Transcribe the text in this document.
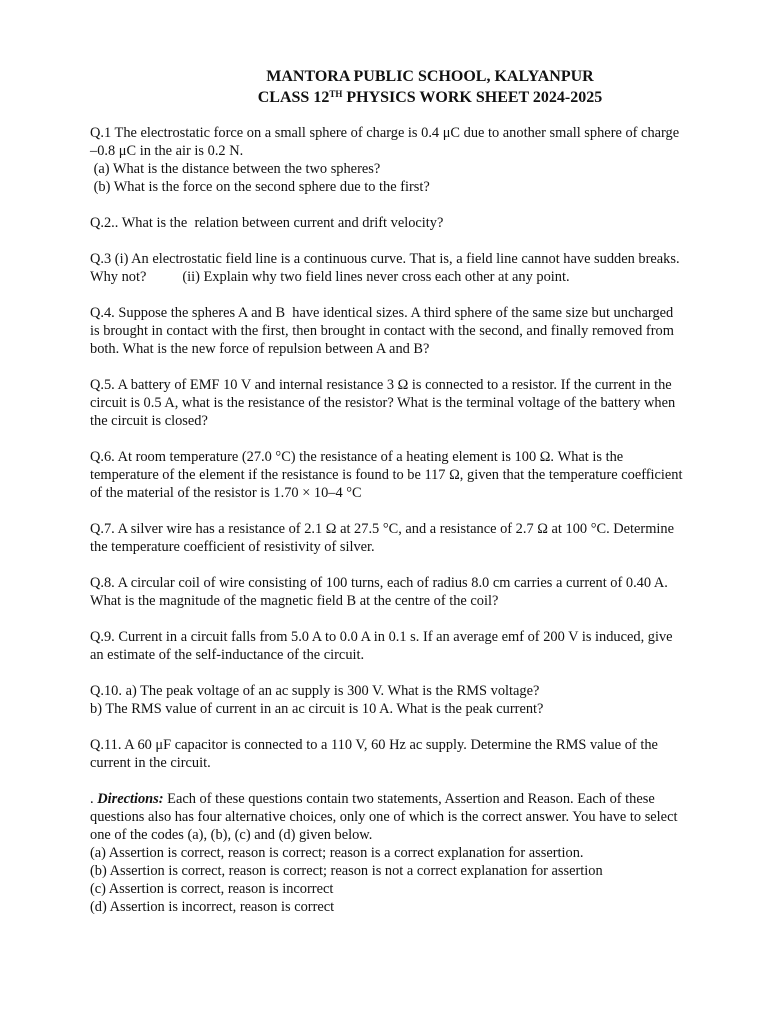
MANTORA PUBLIC SCHOOL, KALYANPUR
CLASS 12TH PHYSICS WORK SHEET 2024-2025
Q.1 The electrostatic force on a small sphere of charge is 0.4 μC due to another small sphere of charge
–0.8 μC in the air is 0.2 N.
(a) What is the distance between the two spheres?
(b) What is the force on the second sphere due to the first?
Q.2.. What is the  relation between current and drift velocity?
Q.3 (i) An electrostatic field line is a continuous curve. That is, a field line cannot have sudden breaks.
Why not?	(ii) Explain why two field lines never cross each other at any point.
Q.4. Suppose the spheres A and B  have identical sizes. A third sphere of the same size but uncharged
is brought in contact with the first, then brought in contact with the second, and finally removed from
both. What is the new force of repulsion between A and B?
Q.5. A battery of EMF 10 V and internal resistance 3 Ω is connected to a resistor. If the current in the
circuit is 0.5 A, what is the resistance of the resistor? What is the terminal voltage of the battery when
the circuit is closed?
Q.6. At room temperature (27.0 °C) the resistance of a heating element is 100 Ω. What is the
temperature of the element if the resistance is found to be 117 Ω, given that the temperature coefficient
of the material of the resistor is 1.70 × 10–4 °C
Q.7. A silver wire has a resistance of 2.1 Ω at 27.5 °C, and a resistance of 2.7 Ω at 100 °C. Determine
the temperature coefficient of resistivity of silver.
Q.8. A circular coil of wire consisting of 100 turns, each of radius 8.0 cm carries a current of 0.40 A.
What is the magnitude of the magnetic field B at the centre of the coil?
Q.9. Current in a circuit falls from 5.0 A to 0.0 A in 0.1 s. If an average emf of 200 V is induced, give
an estimate of the self-inductance of the circuit.
Q.10. a) The peak voltage of an ac supply is 300 V. What is the RMS voltage?
b) The RMS value of current in an ac circuit is 10 A. What is the peak current?
Q.11. A 60 μF capacitor is connected to a 110 V, 60 Hz ac supply. Determine the RMS value of the
current in the circuit.
. Directions: Each of these questions contain two statements, Assertion and Reason. Each of these
questions also has four alternative choices, only one of which is the correct answer. You have to select
one of the codes (a), (b), (c) and (d) given below.
(a) Assertion is correct, reason is correct; reason is a correct explanation for assertion.
(b) Assertion is correct, reason is correct; reason is not a correct explanation for assertion
(c) Assertion is correct, reason is incorrect
(d) Assertion is incorrect, reason is correct
